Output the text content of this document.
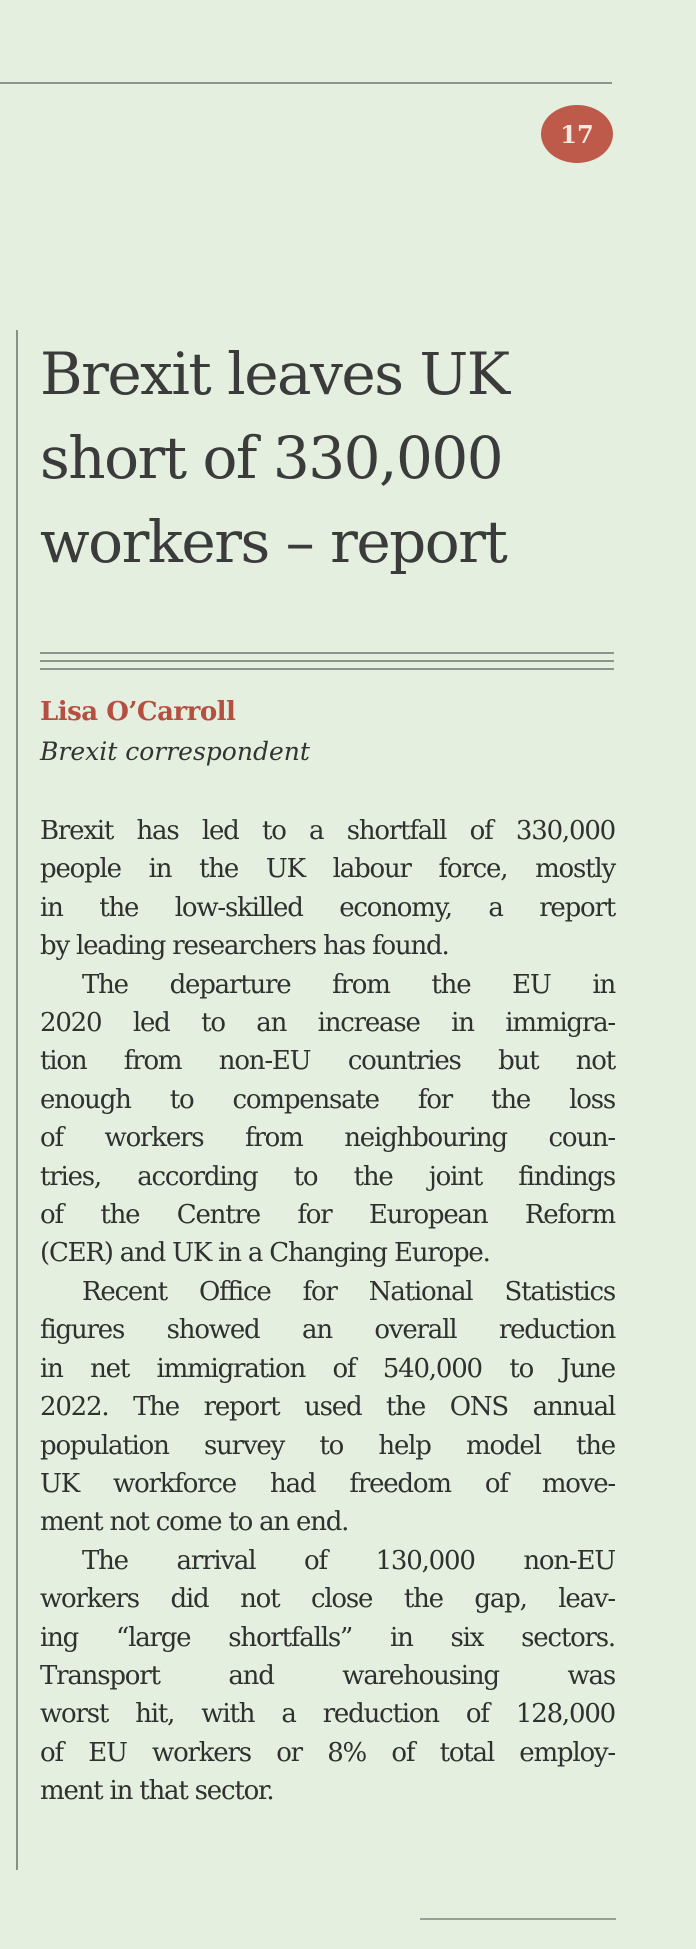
17
Brexit leaves UK
short of 330,000
workers – report
Lisa O’Carroll
Brexit correspondent

Brexit has led to a shortfall of 330,000
people in the UK labour force, mostly
in the low-skilled economy, a report
by leading researchers has found.

The departure from the EU in
2020 led to an increase in immigra-
tion from non-EU countries but not
enough to compensate for the loss
of workers from neighbouring coun-
tries, according to the joint findings
of the Centre for European Reform
(CER) and UK in a Changing Europe.

Recent Office for National Statistics
figures showed an overall reduction
in net immigration of 540,000 to June
2022. The report used the ONS annual
population survey to help model the
UK workforce had freedom of move-
ment not come to an end.

The arrival of 130,000 non-EU
workers did not close the gap, leav-
ing “large shortfalls” in six sectors.
Transport and warehousing was
worst hit, with a reduction of 128,000
of EU workers or 8% of total employ-
ment in that sector.
